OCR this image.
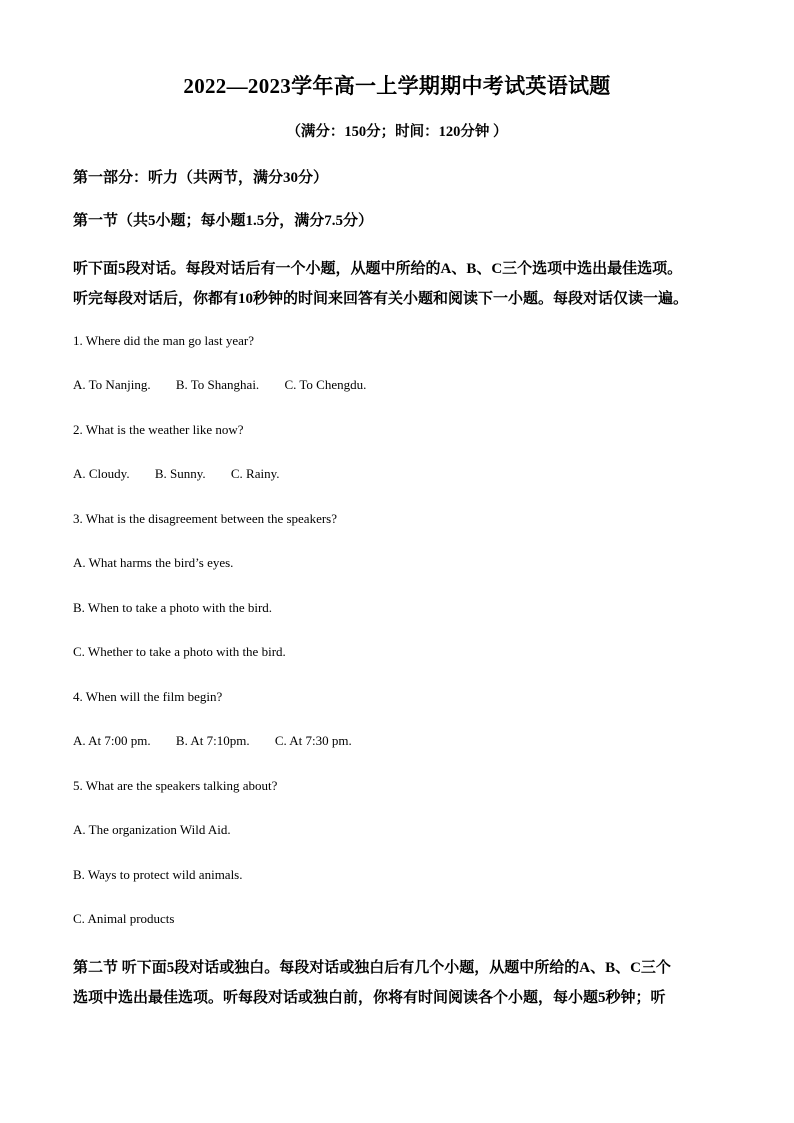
2022—2023学年高一上学期期中考试英语试题
（满分：150分；时间：120分钟 ）
第一部分：听力（共两节，满分30分）
第一节（共5小题；每小题1.5分，满分7.5分）
听下面5段对话。每段对话后有一个小题，从题中所给的A、B、C三个选项中选出最佳选项。
听完每段对话后，你都有10秒钟的时间来回答有关小题和阅读下一小题。每段对话仅读一遍。
1. Where did the man go last year?
A. To Nanjing. B. To Shanghai. C. To Chengdu.
2. What is the weather like now?
A. Cloudy. B. Sunny. C. Rainy.
3. What is the disagreement between the speakers?
A. What harms the bird’s eyes.
B. When to take a photo with the bird.
C. Whether to take a photo with the bird.
4. When will the film begin?
A. At 7:00 pm. B. At 7:10pm. C. At 7:30 pm.
5. What are the speakers talking about?
A. The organization Wild Aid.
B. Ways to protect wild animals.
C. Animal products
第二节 听下面5段对话或独白。每段对话或独白后有几个小题，从题中所给的A、B、C三个
选项中选出最佳选项。听每段对话或独白前，你将有时间阅读各个小题，每小题5秒钟；听
